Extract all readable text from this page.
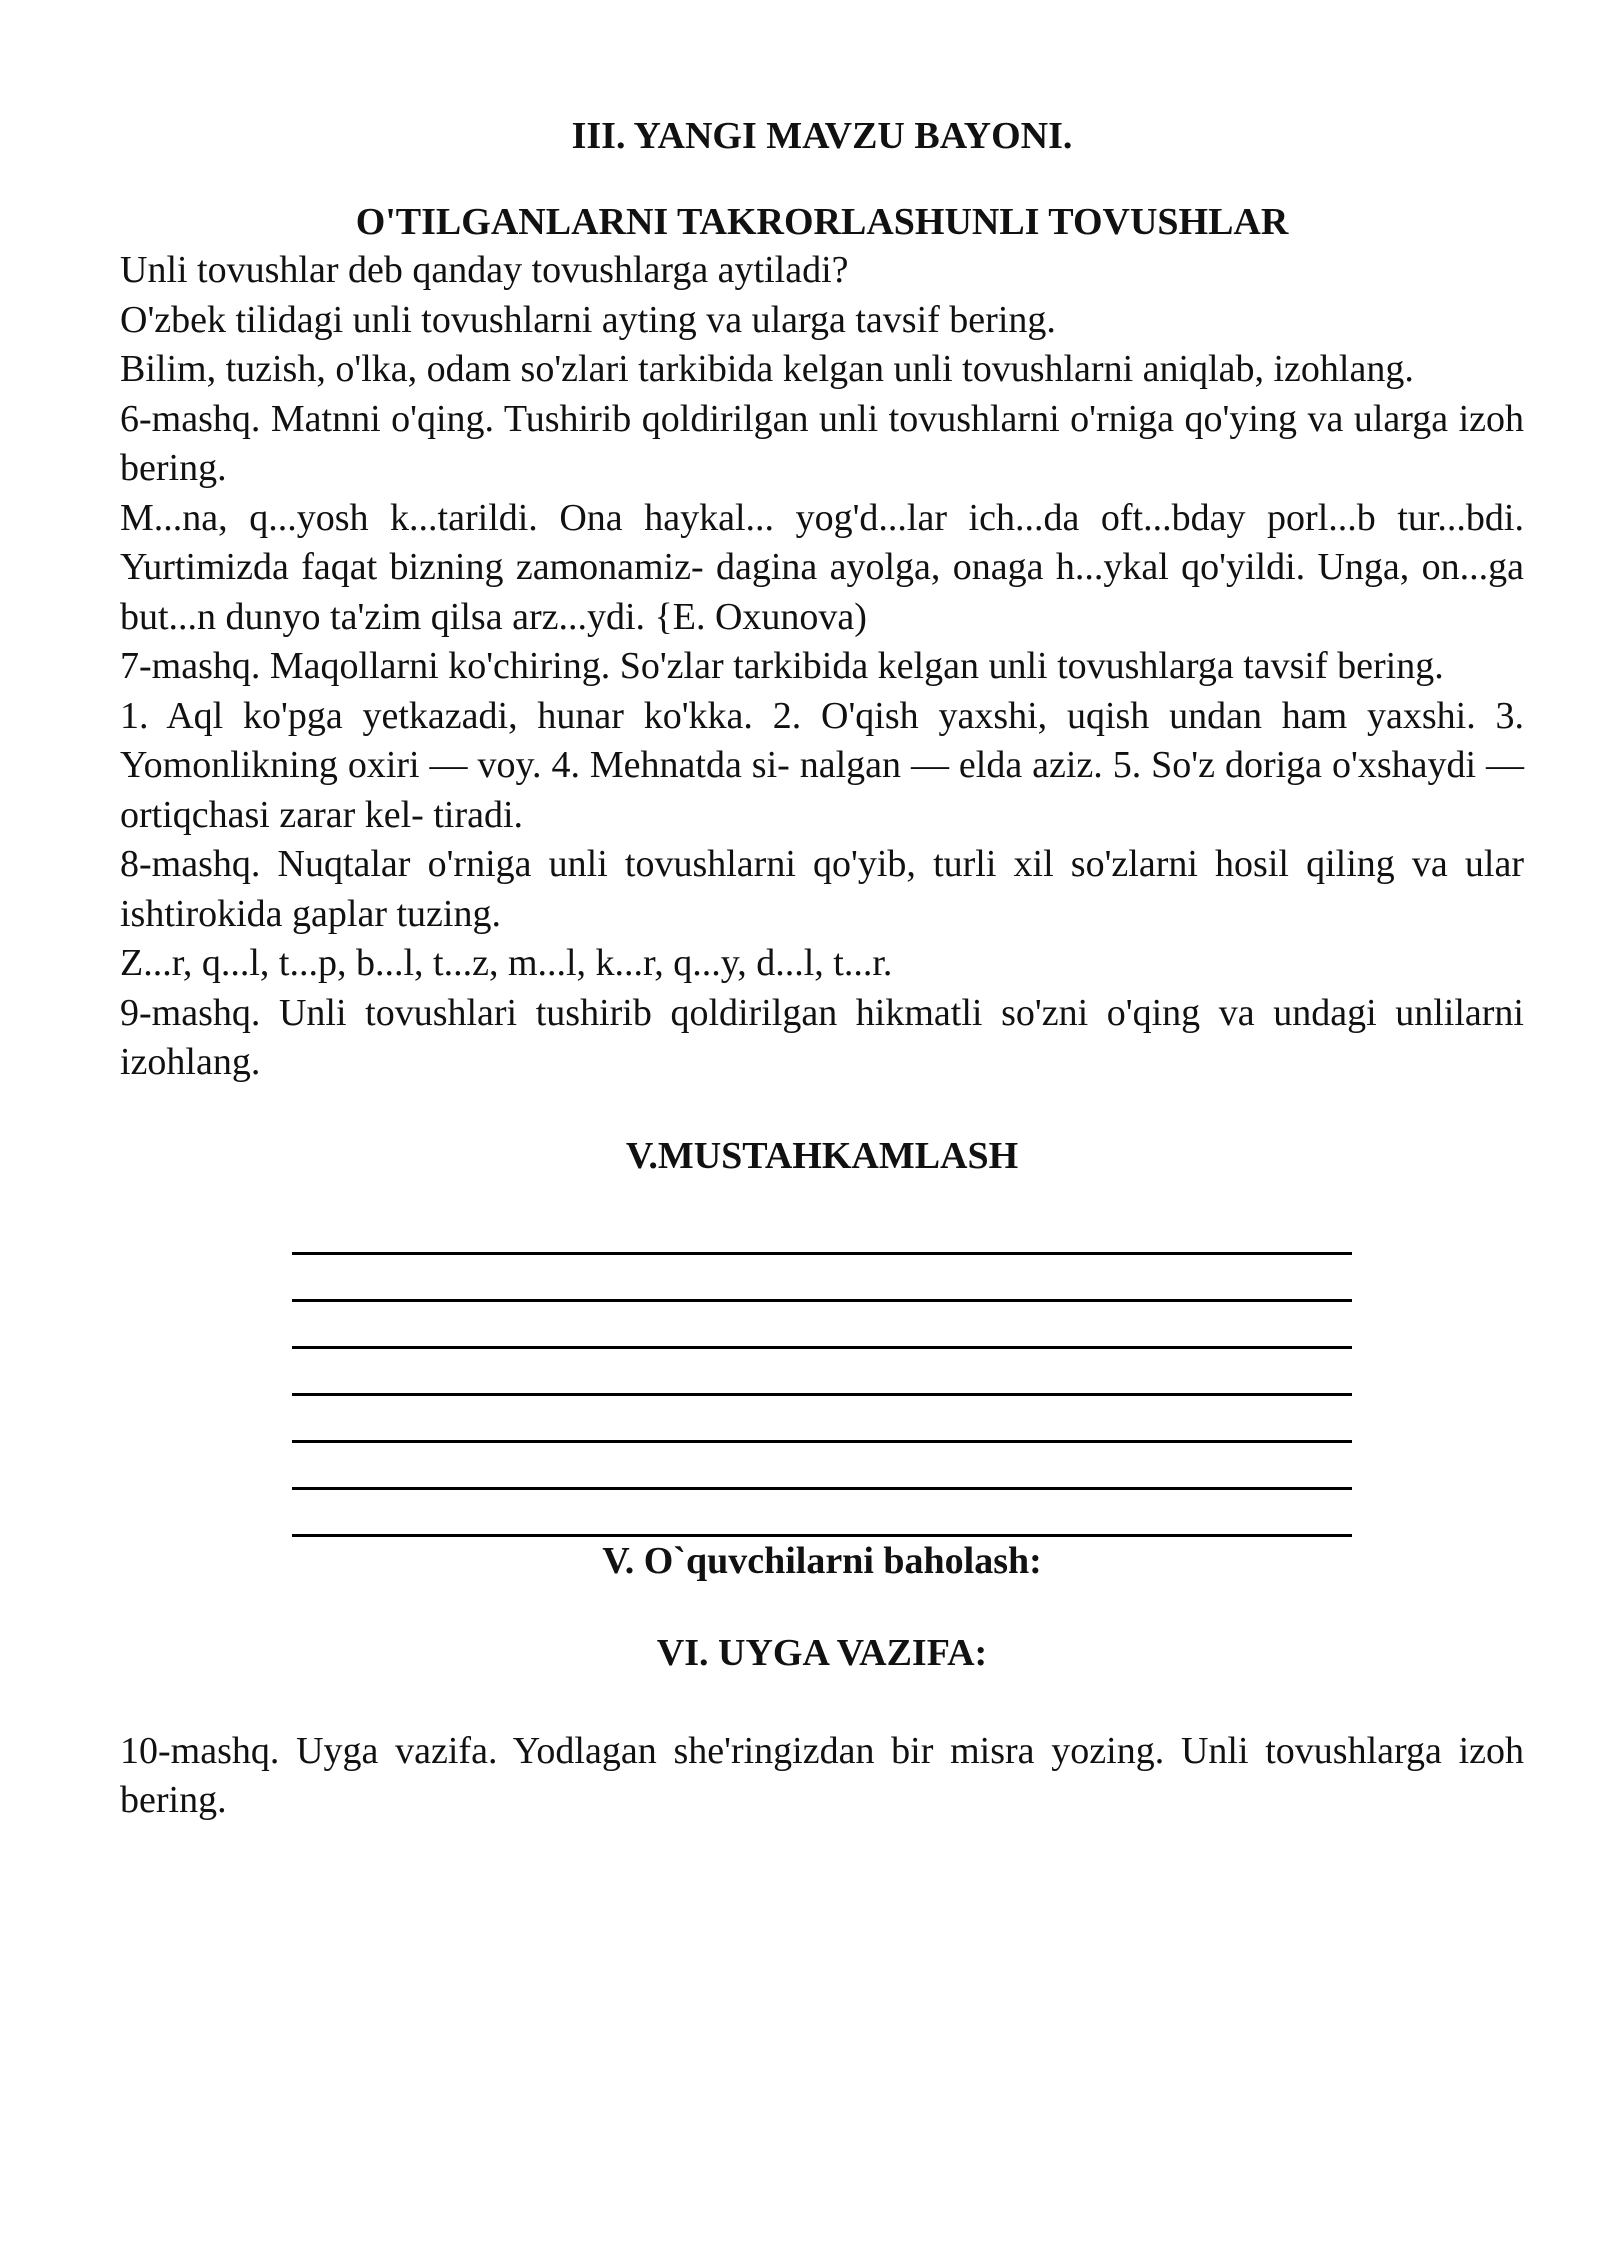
III. YANGI MAVZU BAYONI.
O'TILGANLARNI TAKRORLASHUNLI TOVUSHLAR

Unli tovushlar deb qanday tovushlarga aytiladi?

O'zbek tilidagi unli tovushlarni ayting va ularga tavsif bering.

Bilim, tuzish, o'lka, odam so'zlari tarkibida kelgan unli tovushlarni aniqlab, izohlang.

6-mashq. Matnni o'qing. Tushirib qoldirilgan unli tovushlarni o'rniga qo'ying va ularga izoh bering.

M...na, q...yosh k...tarildi. Ona haykal... yog'd...lar ich...da oft...bday porl...b tur...bdi. Yurtimizda faqat bizning zamonamiz- dagina ayolga, onaga h...ykal qo'yildi. Unga, on...ga but...n dunyo ta'zim qilsa arz...ydi. {E. Oxunova)

7-mashq. Maqollarni ko'chiring. So'zlar tarkibida kelgan unli tovushlarga tavsif bering.

1. Aql ko'pga yetkazadi, hunar ko'kka. 2. O'qish yaxshi, uqish undan ham yaxshi. 3. Yomonlikning oxiri — voy. 4. Mehnatda si- nalgan — elda aziz. 5. So'z doriga o'xshaydi — ortiqchasi zarar kel- tiradi.

8-mashq. Nuqtalar o'rniga unli tovushlarni qo'yib, turli xil so'zlarni hosil qiling va ular ishtirokida gaplar tuzing.

Z...r, q...l, t...p, b...l, t...z, m...l, k...r, q...y, d...l, t...r.

9-mashq. Unli tovushlari tushirib qoldirilgan hikmatli so'zni o'qing va undagi unlilarni izohlang.

V.MUSTAHKAMLASH
V. O`quvchilarni baholash:
VI. UYGA VAZIFA:

10-mashq. Uyga vazifa. Yodlagan she'ringizdan bir misra yozing. Unli tovushlarga izoh bering.
